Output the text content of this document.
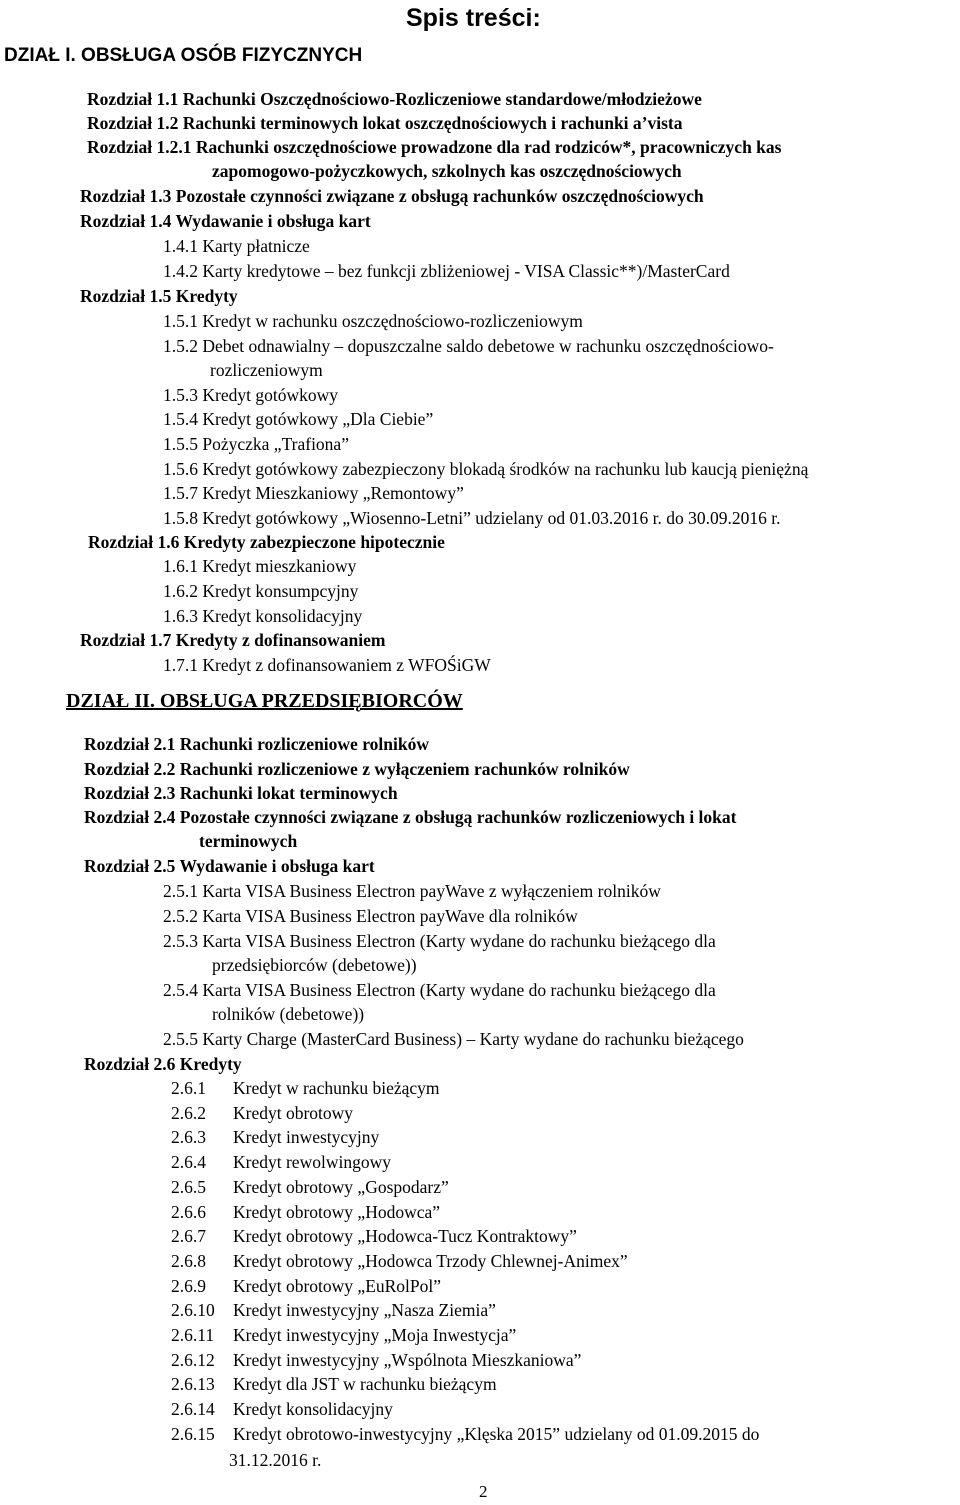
Spis treści:
DZIAŁ I. OBSŁUGA OSÓB FIZYCZNYCH
Rozdział 1.1 Rachunki Oszczędnościowo-Rozliczeniowe standardowe/młodzieżowe
Rozdział 1.2 Rachunki terminowych lokat oszczędnościowych i rachunki a’vista
Rozdział 1.2.1 Rachunki oszczędnościowe prowadzone dla rad rodziców*, pracowniczych kas
zapomogowo-pożyczkowych, szkolnych kas oszczędnościowych
Rozdział 1.3 Pozostałe czynności związane z obsługą rachunków oszczędnościowych
Rozdział 1.4 Wydawanie i obsługa kart
1.4.1 Karty płatnicze
1.4.2 Karty kredytowe – bez funkcji zbliżeniowej - VISA Classic**)/MasterCard
Rozdział 1.5 Kredyty
1.5.1 Kredyt w rachunku oszczędnościowo-rozliczeniowym
1.5.2 Debet odnawialny – dopuszczalne saldo debetowe w rachunku oszczędnościowo-
rozliczeniowym
1.5.3 Kredyt gotówkowy
1.5.4 Kredyt gotówkowy „Dla Ciebie”
1.5.5 Pożyczka „Trafiona”
1.5.6 Kredyt gotówkowy zabezpieczony blokadą środków na rachunku lub kaucją pieniężną
1.5.7 Kredyt Mieszkaniowy „Remontowy”
1.5.8 Kredyt gotówkowy „Wiosenno-Letni” udzielany od 01.03.2016 r. do 30.09.2016 r.
Rozdział 1.6 Kredyty zabezpieczone hipotecznie
1.6.1 Kredyt mieszkaniowy
1.6.2 Kredyt konsumpcyjny
1.6.3 Kredyt konsolidacyjny
Rozdział 1.7 Kredyty z dofinansowaniem
1.7.1 Kredyt z dofinansowaniem z WFOŚiGW
DZIAŁ II. OBSŁUGA PRZEDSIĘBIORCÓW
Rozdział 2.1 Rachunki rozliczeniowe rolników
Rozdział 2.2 Rachunki rozliczeniowe z wyłączeniem rachunków rolników
Rozdział 2.3 Rachunki lokat terminowych
Rozdział 2.4 Pozostałe czynności związane z obsługą rachunków rozliczeniowych i lokat
terminowych
Rozdział 2.5 Wydawanie i obsługa kart
2.5.1 Karta VISA Business Electron payWave z wyłączeniem rolników
2.5.2 Karta VISA Business Electron payWave dla rolników
2.5.3 Karta VISA Business Electron (Karty wydane do rachunku bieżącego dla
przedsiębiorców (debetowe))
2.5.4 Karta VISA Business Electron (Karty wydane do rachunku bieżącego dla
rolników (debetowe))
2.5.5 Karty Charge (MasterCard Business) – Karty wydane do rachunku bieżącego
Rozdział 2.6 Kredyty
2.6.1 Kredyt w rachunku bieżącym
2.6.2 Kredyt obrotowy
2.6.3 Kredyt inwestycyjny
2.6.4 Kredyt rewolwingowy
2.6.5 Kredyt obrotowy „Gospodarz”
2.6.6 Kredyt obrotowy „Hodowca”
2.6.7 Kredyt obrotowy „Hodowca-Tucz Kontraktowy”
2.6.8 Kredyt obrotowy „Hodowca Trzody Chlewnej-Animex”
2.6.9 Kredyt obrotowy „EuRolPol”
2.6.10 Kredyt inwestycyjny „Nasza Ziemia”
2.6.11 Kredyt inwestycyjny „Moja Inwestycja”
2.6.12 Kredyt inwestycyjny „Wspólnota Mieszkaniowa”
2.6.13 Kredyt dla JST w rachunku bieżącym
2.6.14 Kredyt konsolidacyjny
2.6.15 Kredyt obrotowo-inwestycyjny „Klęska 2015” udzielany od 01.09.2015 do
31.12.2016 r.
2
